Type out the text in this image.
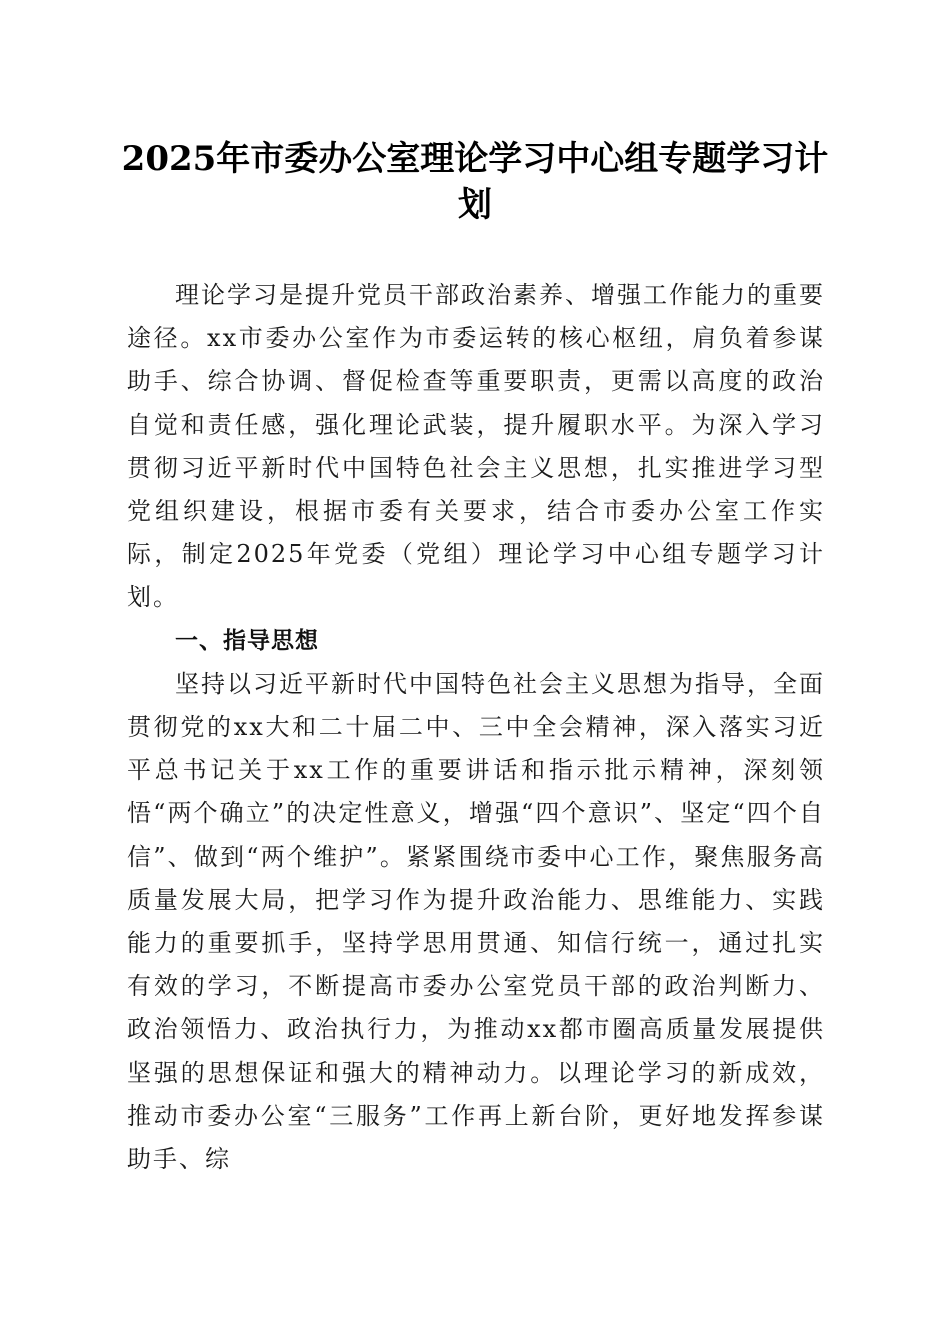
2025年市委办公室理论学习中心组专题学习计划

理论学习是提升党员干部政治素养、增强工作能力的重要途径。xx市委办公室作为市委运转的核心枢纽，肩负着参谋助手、综合协调、督促检查等重要职责，更需以高度的政治自觉和责任感，强化理论武装，提升履职水平。为深入学习贯彻习近平新时代中国特色社会主义思想，扎实推进学习型党组织建设，根据市委有关要求，结合市委办公室工作实际，制定2025年党委（党组）理论学习中心组专题学习计划。

一、指导思想

坚持以习近平新时代中国特色社会主义思想为指导，全面贯彻党的xx大和二十届二中、三中全会精神，深入落实习近平总书记关于xx工作的重要讲话和指示批示精神，深刻领悟“两个确立”的决定性意义，增强“四个意识”、坚定“四个自信”、做到“两个维护”。紧紧围绕市委中心工作，聚焦服务高质量发展大局，把学习作为提升政治能力、思维能力、实践能力的重要抓手，坚持学思用贯通、知信行统一，通过扎实有效的学习，不断提高市委办公室党员干部的政治判断力、政治领悟力、政治执行力，为推动xx都市圈高质量发展提供坚强的思想保证和强大的精神动力。以理论学习的新成效，推动市委办公室“三服务”工作再上新台阶，更好地发挥参谋助手、综
